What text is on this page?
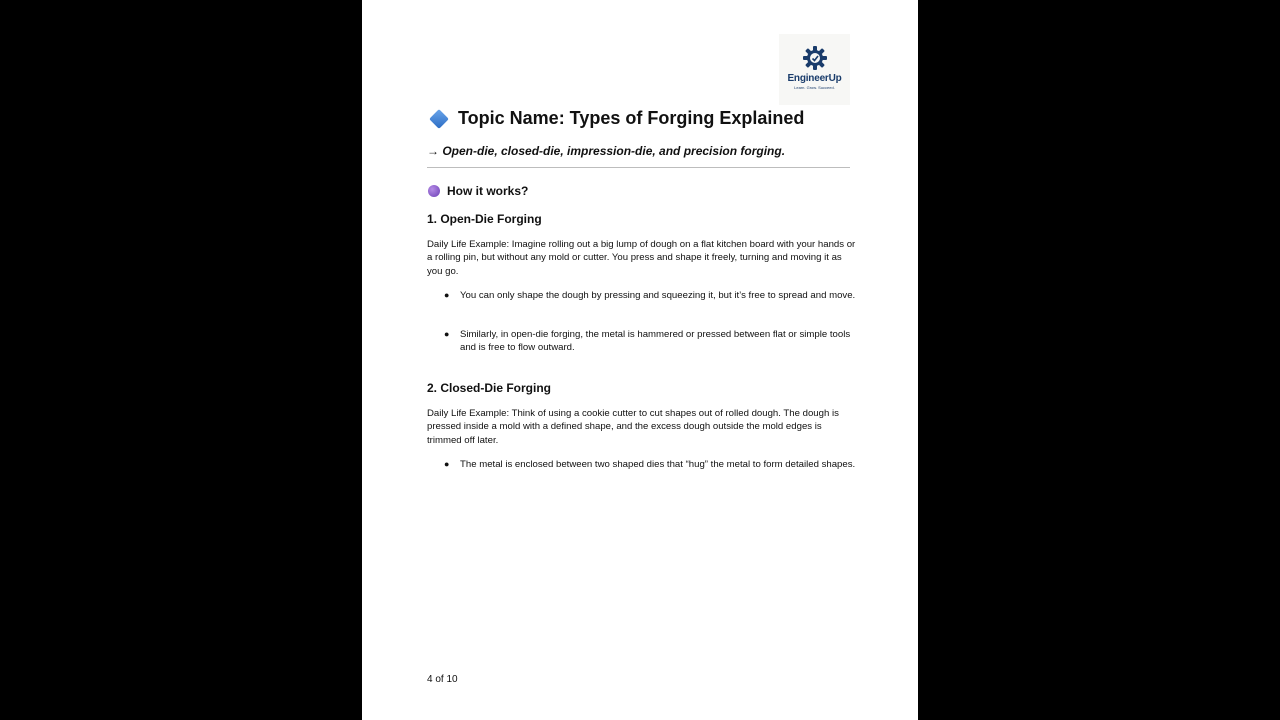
EngineerUp
Learn. Grow. Succeed.
Topic Name: Types of Forging Explained
→ Open-die, closed-die, impression-die, and precision forging.
How it works?
1. Open-Die Forging
Daily Life Example: Imagine rolling out a big lump of dough on a flat kitchen board with your hands or a rolling pin, but without any mold or cutter. You press and shape it freely, turning and moving it as you go.
●	You can only shape the dough by pressing and squeezing it, but it’s free to spread and move.
●	Similarly, in open-die forging, the metal is hammered or pressed between flat or simple tools and is free to flow outward.
2. Closed-Die Forging
Daily Life Example: Think of using a cookie cutter to cut shapes out of rolled dough. The dough is pressed inside a mold with a defined shape, and the excess dough outside the mold edges is trimmed off later.
●	The metal is enclosed between two shaped dies that “hug” the metal to form detailed shapes.
4 of 10
